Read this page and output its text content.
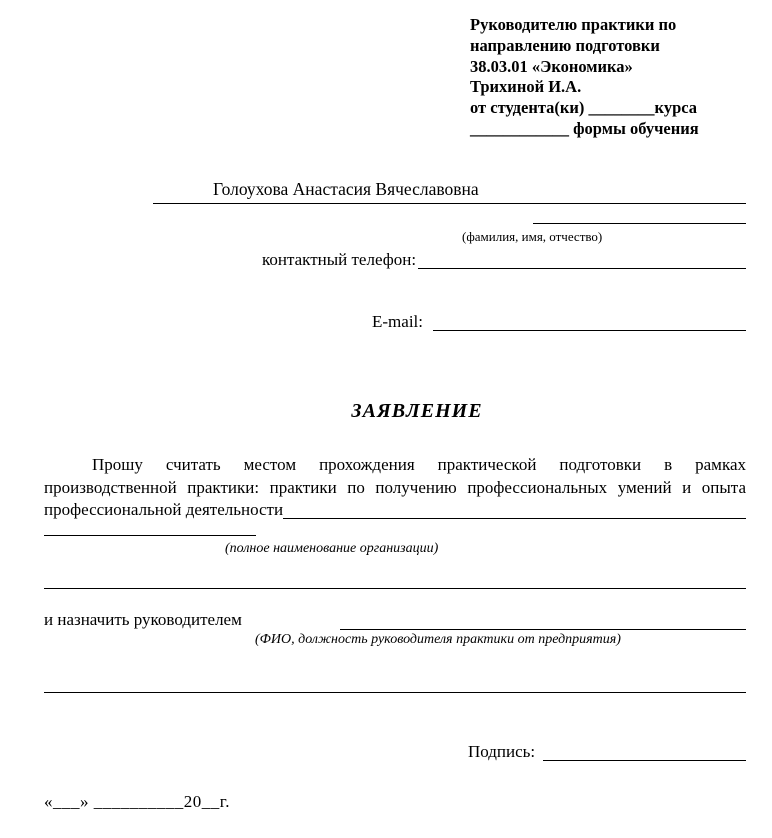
Руководителю практики по
направлению подготовки
38.03.01 «Экономика»
Трихиной И.А.
от студента(ки) ________курса
____________ формы обучения
Голоухова Анастасия Вячеславовна
(фамилия, имя, отчество)
контактный телефон:
E-mail:
ЗАЯВЛЕНИЕ
Прошу считать местом прохождения практической подготовки в рамках
производственной практики: практики по получению профессиональных умений и опыта
профессиональной деятельности
(полное наименование организации)
и назначить руководителем
(ФИО, должность руководителя практики от предприятия)
Подпись:
«___» __________20__г.
